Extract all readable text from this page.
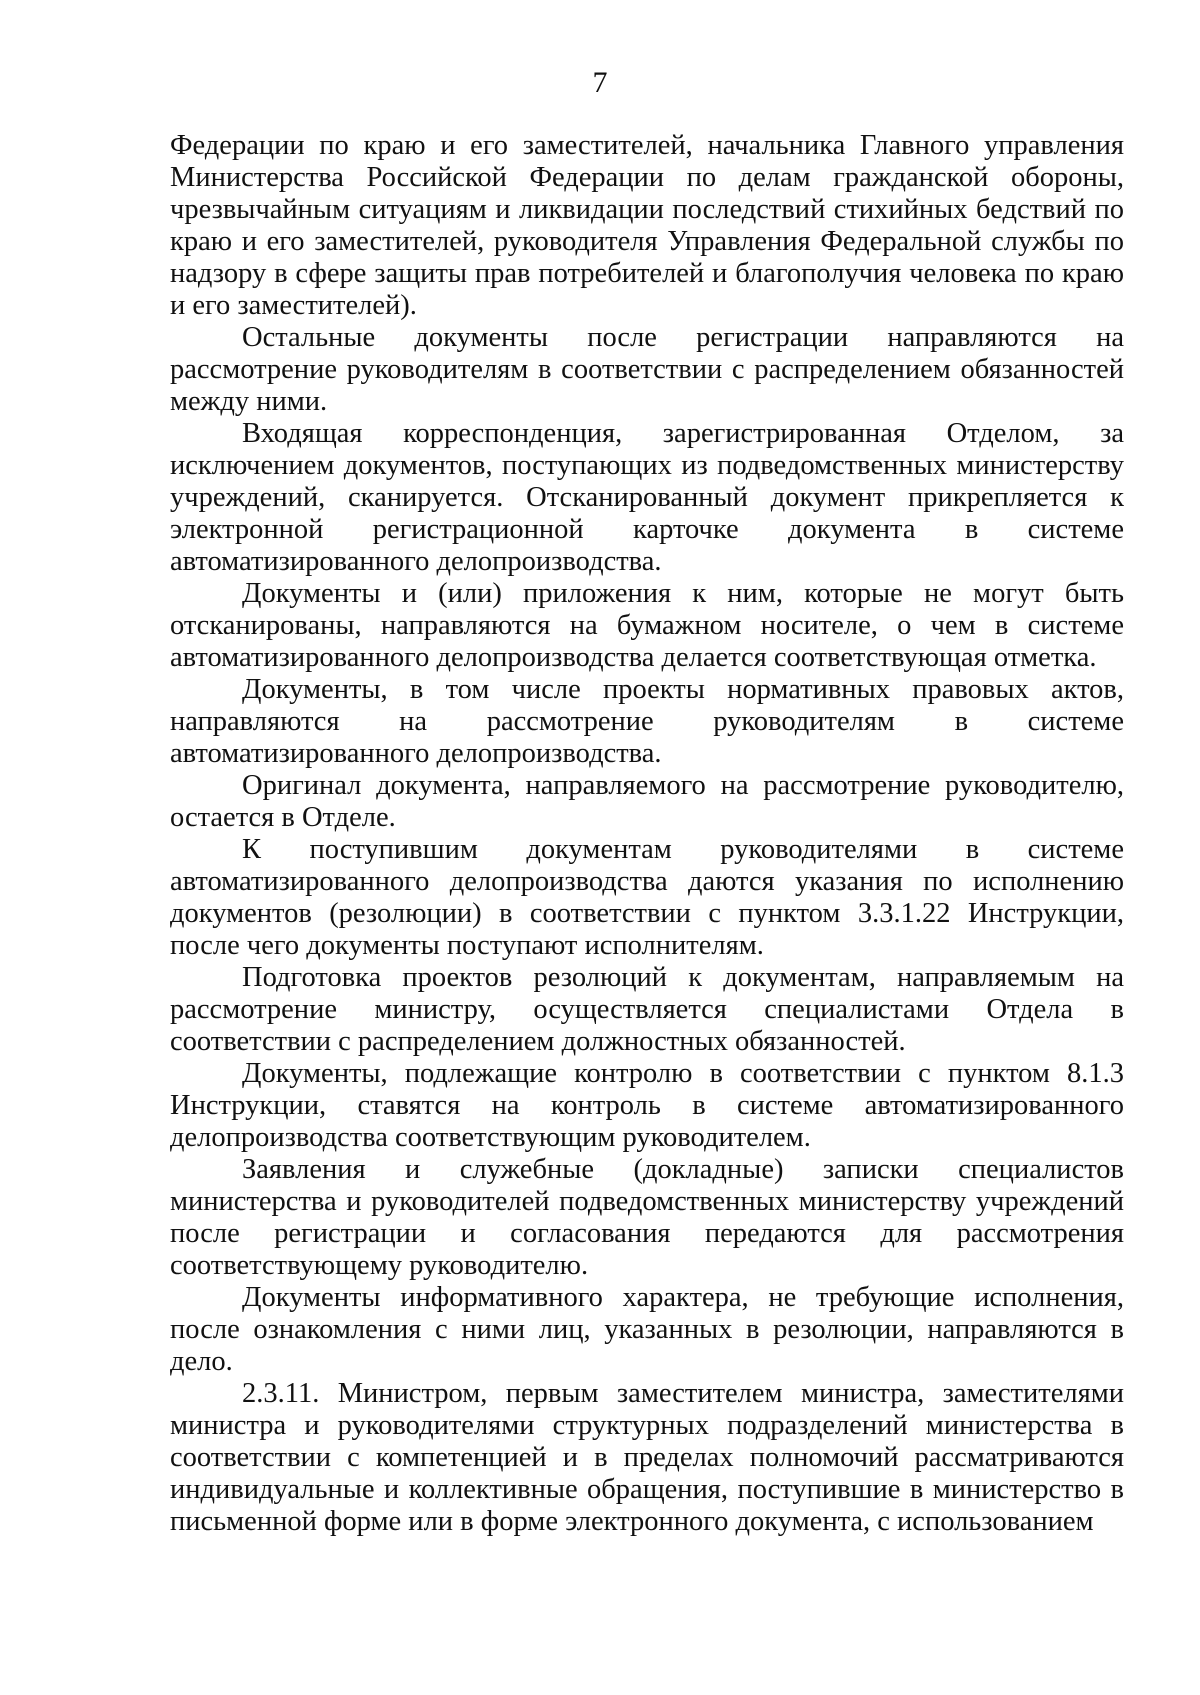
7

Федерации по краю и его заместителей, начальника Главного управления Министерства Российской Федерации по делам гражданской обороны, чрезвычайным ситуациям и ликвидации последствий стихийных бедствий по краю и его заместителей, руководителя Управления Федеральной службы по надзору в сфере защиты прав потребителей и благополучия человека по краю и его заместителей).

Остальные документы после регистрации направляются на рассмотрение руководителям в соответствии с распределением обязанностей между ними.

Входящая корреспонденция, зарегистрированная Отделом, за исключением документов, поступающих из подведомственных министерству учреждений, сканируется. Отсканированный документ прикрепляется к электронной регистрационной карточке документа в системе автоматизированного делопроизводства.

Документы и (или) приложения к ним, которые не могут быть отсканированы, направляются на бумажном носителе, о чем в системе автоматизированного делопроизводства делается соответствующая отметка.

Документы, в том числе проекты нормативных правовых актов, направляются на рассмотрение руководителям в системе автоматизированного делопроизводства.

Оригинал документа, направляемого на рассмотрение руководителю, остается в Отделе.

К поступившим документам руководителями в системе автоматизированного делопроизводства даются указания по исполнению документов (резолюции) в соответствии с пунктом 3.3.1.22 Инструкции, после чего документы поступают исполнителям.

Подготовка проектов резолюций к документам, направляемым на рассмотрение министру, осуществляется специалистами Отдела в соответствии с распределением должностных обязанностей.

Документы, подлежащие контролю в соответствии с пунктом 8.1.3 Инструкции, ставятся на контроль в системе автоматизированного делопроизводства соответствующим руководителем.

Заявления и служебные (докладные) записки специалистов министерства и руководителей подведомственных министерству учреждений после регистрации и согласования передаются для рассмотрения соответствующему руководителю.

Документы информативного характера, не требующие исполнения, после ознакомления с ними лиц, указанных в резолюции, направляются в дело.

2.3.11. Министром, первым заместителем министра, заместителями министра и руководителями структурных подразделений министерства в соответствии с компетенцией и в пределах полномочий рассматриваются индивидуальные и коллективные обращения, поступившие в министерство в письменной форме или в форме электронного документа, с использованием
